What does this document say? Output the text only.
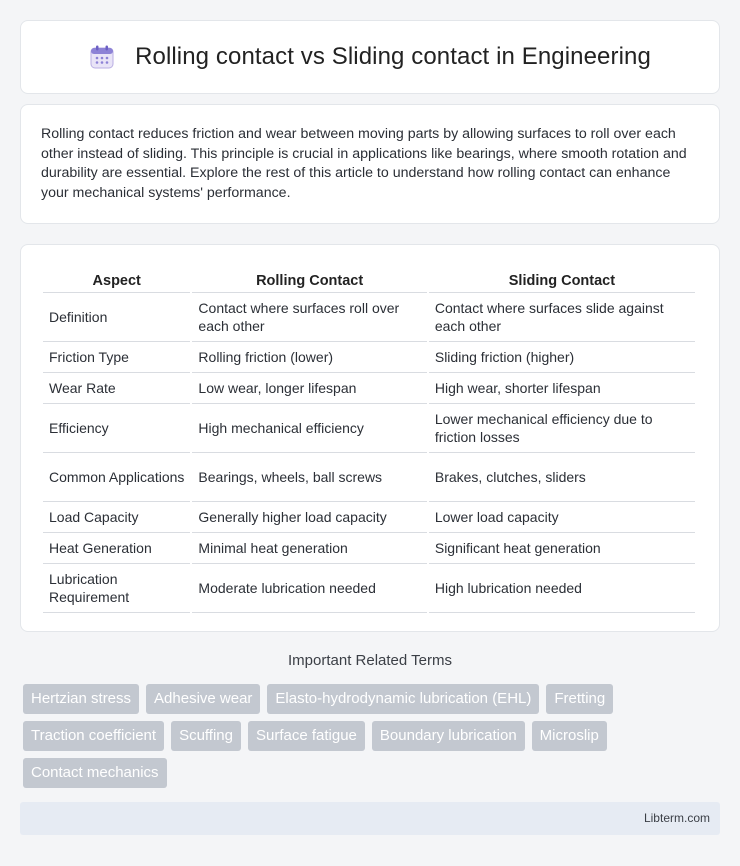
Rolling contact vs Sliding contact in Engineering

Rolling contact reduces friction and wear between moving parts by allowing surfaces to roll over each other instead of sliding. This principle is crucial in applications like bearings, where smooth rotation and durability are essential. Explore the rest of this article to understand how rolling contact can enhance your mechanical systems' performance.

Aspect	Rolling Contact	Sliding Contact
Definition	Contact where surfaces roll over each other	Contact where surfaces slide against each other
Friction Type	Rolling friction (lower)	Sliding friction (higher)
Wear Rate	Low wear, longer lifespan	High wear, shorter lifespan
Efficiency	High mechanical efficiency	Lower mechanical efficiency due to friction losses
Common Applications	Bearings, wheels, ball screws	Brakes, clutches, sliders
Load Capacity	Generally higher load capacity	Lower load capacity
Heat Generation	Minimal heat generation	Significant heat generation
Lubrication Requirement	Moderate lubrication needed	High lubrication needed
Important Related Terms
Hertzian stress	Adhesive wear	Elasto-hydrodynamic lubrication (EHL)	Fretting
Traction coefficient	Scuffing	Surface fatigue	Boundary lubrication	Microslip
Contact mechanics
Libterm.com
